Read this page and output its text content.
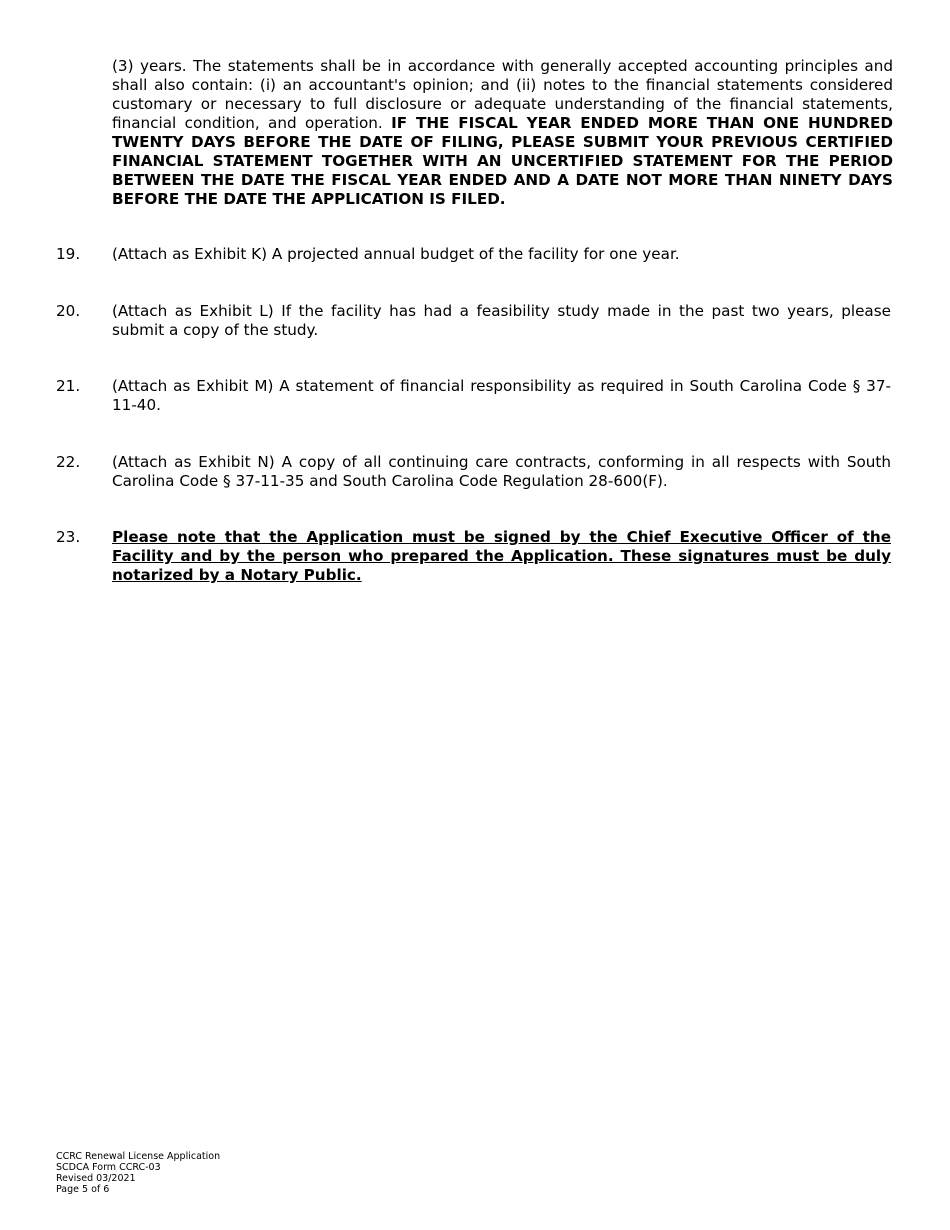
(3) years. The statements shall be in accordance with generally accepted accounting principles and shall also contain: (i) an accountant's opinion; and (ii) notes to the financial statements considered customary or necessary to full disclosure or adequate understanding of the financial statements, financial condition, and operation. IF THE FISCAL YEAR ENDED MORE THAN ONE HUNDRED TWENTY DAYS BEFORE THE DATE OF FILING, PLEASE SUBMIT YOUR PREVIOUS CERTIFIED FINANCIAL STATEMENT TOGETHER WITH AN UNCERTIFIED STATEMENT FOR THE PERIOD BETWEEN THE DATE THE FISCAL YEAR ENDED AND A DATE NOT MORE THAN NINETY DAYS BEFORE THE DATE THE APPLICATION IS FILED.
19. (Attach as Exhibit K) A projected annual budget of the facility for one year.
20. (Attach as Exhibit L) If the facility has had a feasibility study made in the past two years, please submit a copy of the study.
21. (Attach as Exhibit M) A statement of financial responsibility as required in South Carolina Code § 37-11-40.
22. (Attach as Exhibit N) A copy of all continuing care contracts, conforming in all respects with South Carolina Code § 37-11-35 and South Carolina Code Regulation 28-600(F).
23. Please note that the Application must be signed by the Chief Executive Officer of the Facility and by the person who prepared the Application. These signatures must be duly notarized by a Notary Public.
CCRC Renewal License Application
SCDCA Form CCRC-03
Revised 03/2021
Page 5 of 6
